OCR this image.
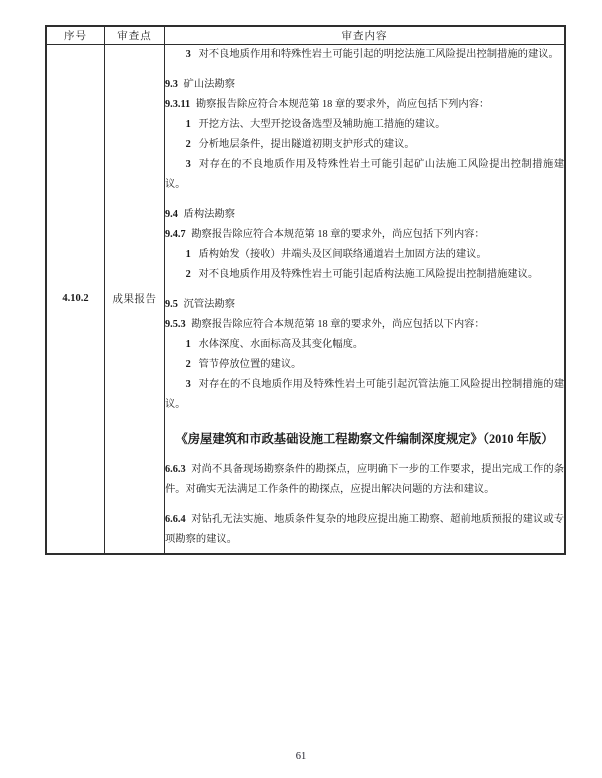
序号	审查点	审查内容
4.10.2	成果报告	

3 对不良地质作用和特殊性岩土可能引起的明挖法施工风险提出控制措施的建议。

9.3 矿山法勘察

9.3.11 勘察报告除应符合本规范第 18 章的要求外，尚应包括下列内容：

1 开挖方法、大型开挖设备选型及辅助施工措施的建议。

2 分析地层条件，提出隧道初期支护形式的建议。

3 对存在的不良地质作用及特殊性岩土可能引起矿山法施工风险提出控制措施建议。

9.4 盾构法勘察

9.4.7 勘察报告除应符合本规范第 18 章的要求外，尚应包括下列内容：

1 盾构始发（接收）井端头及区间联络通道岩土加固方法的建议。

2 对不良地质作用及特殊性岩土可能引起盾构法施工风险提出控制措施建议。

9.5 沉管法勘察

9.5.3 勘察报告除应符合本规范第 18 章的要求外，尚应包括以下内容：

1 水体深度、水面标高及其变化幅度。

2 管节停放位置的建议。

3 对存在的不良地质作用及特殊性岩土可能引起沉管法施工风险提出控制措施的建议。

《房屋建筑和市政基础设施工程勘察文件编制深度规定》（2010 年版）

6.6.3 对尚不具备现场勘察条件的勘探点，应明确下一步的工作要求，提出完成工作的条件。对确实无法满足工作条件的勘探点，应提出解决问题的方法和建议。

6.6.4 对钻孔无法实施、地质条件复杂的地段应提出施工勘察、超前地质预报的建议或专项勘察的建议。

61
